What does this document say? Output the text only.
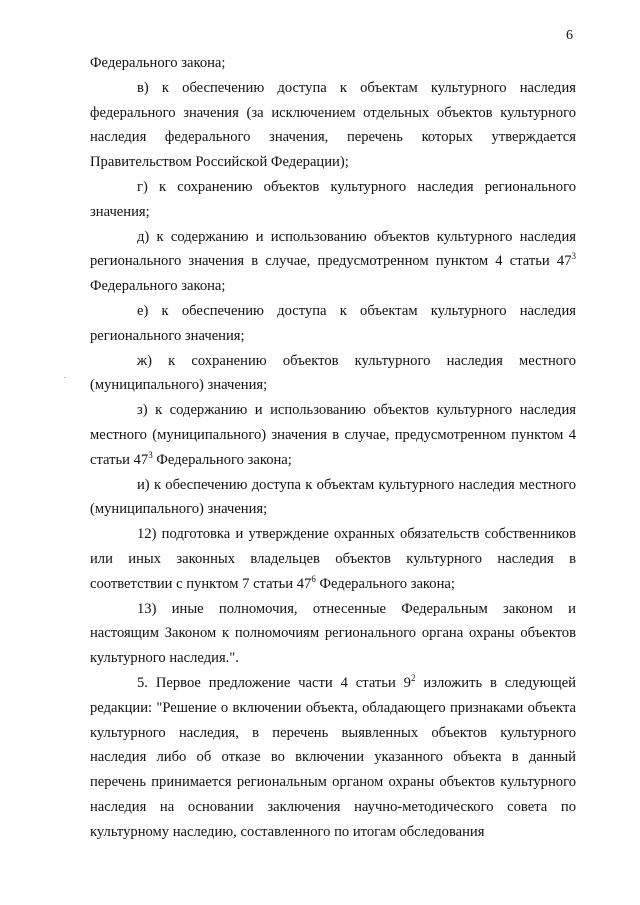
6

Федерального закона;

в) к обеспечению доступа к объектам культурного наследия федерального значения (за исключением отдельных объектов культурного наследия федерального значения, перечень которых утверждается Правительством Российской Федерации);

г) к сохранению объектов культурного наследия регионального значения;

д) к содержанию и использованию объектов культурного наследия регионального значения в случае, предусмотренном пунктом 4 статьи $47^3$ Федерального закона;

е) к обеспечению доступа к объектам культурного наследия регионального значения;

ж) к сохранению объектов культурного наследия местного (муниципального) значения;

з) к содержанию и использованию объектов культурного наследия местного (муниципального) значения в случае, предусмотренном пунктом 4 статьи $47^3$ Федерального закона;

и) к обеспечению доступа к объектам культурного наследия местного (муниципального) значения;

12) подготовка и утверждение охранных обязательств собственников или иных законных владельцев объектов культурного наследия в соответствии с пунктом 7 статьи $47^6$ Федерального закона;

13) иные полномочия, отнесенные Федеральным законом и настоящим Законом к полномочиям регионального органа охраны объектов культурного наследия.".

5. Первое предложение части 4 статьи $9^2$ изложить в следующей редакции: "Решение о включении объекта, обладающего признаками объекта культурного наследия, в перечень выявленных объектов культурного наследия либо об отказе во включении указанного объекта в данный перечень принимается региональным органом охраны объектов культурного наследия на основании заключения научно-методического совета по культурному наследию, составленного по итогам обследования
